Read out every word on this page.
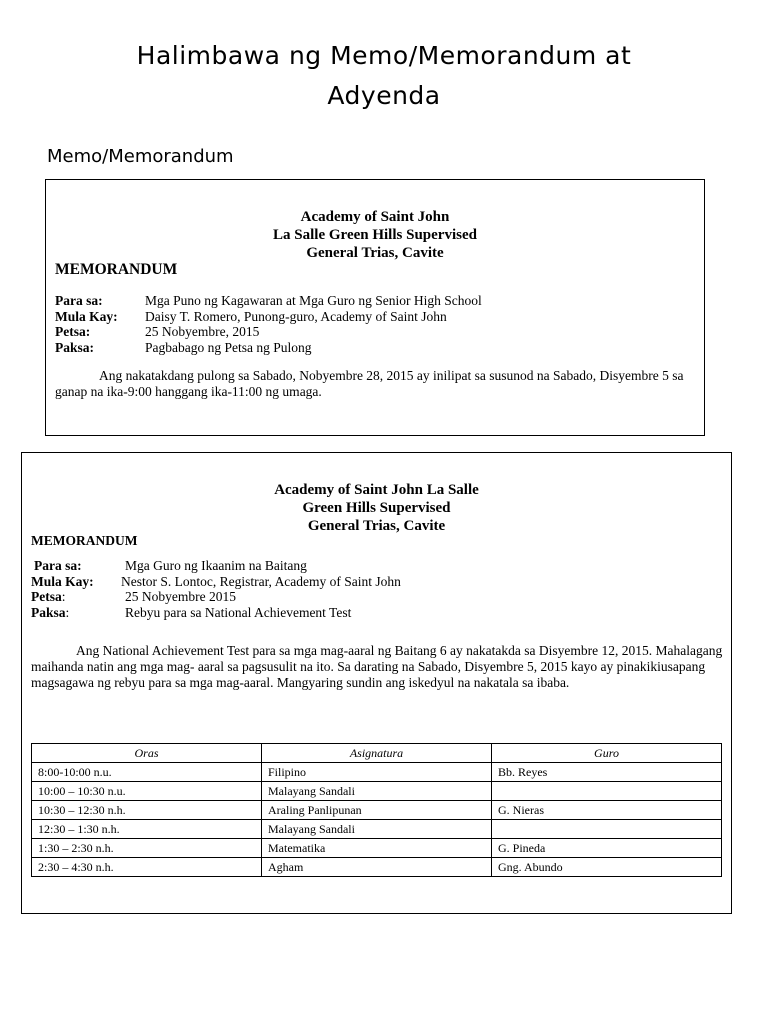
Halimbawa ng Memo/Memorandum at
Adyenda
Memo/Memorandum
Academy of Saint John
La Salle Green Hills Supervised
General Trias, Cavite
MEMORANDUM
Para sa:	Mga Puno ng Kagawaran at Mga Guro ng Senior High School
Mula Kay: Daisy T. Romero, Punong-guro, Academy of Saint John
Petsa:	25 Nobyembre, 2015
Paksa:	Pagbabago ng Petsa ng Pulong
Ang nakatakdang pulong sa Sabado, Nobyembre 28, 2015 ay inilipat sa susunod na Sabado, Disyembre 5 sa ganap na ika-9:00 hanggang ika-11:00 ng umaga.
Academy of Saint John La Salle
Green Hills Supervised
General Trias, Cavite
MEMORANDUM
Para sa:	Mga Guro ng Ikaanim na Baitang
Mula Kay: Nestor S. Lontoc, Registrar, Academy of Saint John
Petsa:	25 Nobyembre 2015
Paksa:	Rebyu para sa National Achievement Test
Ang National Achievement Test para sa mga mag-aaral ng Baitang 6 ay nakatakda sa Disyembre 12, 2015. Mahalagang maihanda natin ang mga mag- aaral sa pagsusulit na ito. Sa darating na Sabado, Disyembre 5, 2015 kayo ay pinakikiusapang magsagawa ng rebyu para sa mga mag-aaral. Mangyaring sundin ang iskedyul na nakatala sa ibaba.
Oras	Asignatura	Guro
8:00-10:00 n.u.	Filipino	Bb. Reyes
10:00 – 10:30 n.u.	Malayang Sandali	
10:30 – 12:30 n.h.	Araling Panlipunan	G. Nieras
12:30 – 1:30 n.h.	Malayang Sandali	
1:30 – 2:30 n.h.	Matematika	G. Pineda
2:30 – 4:30 n.h.	Agham	Gng. Abundo
